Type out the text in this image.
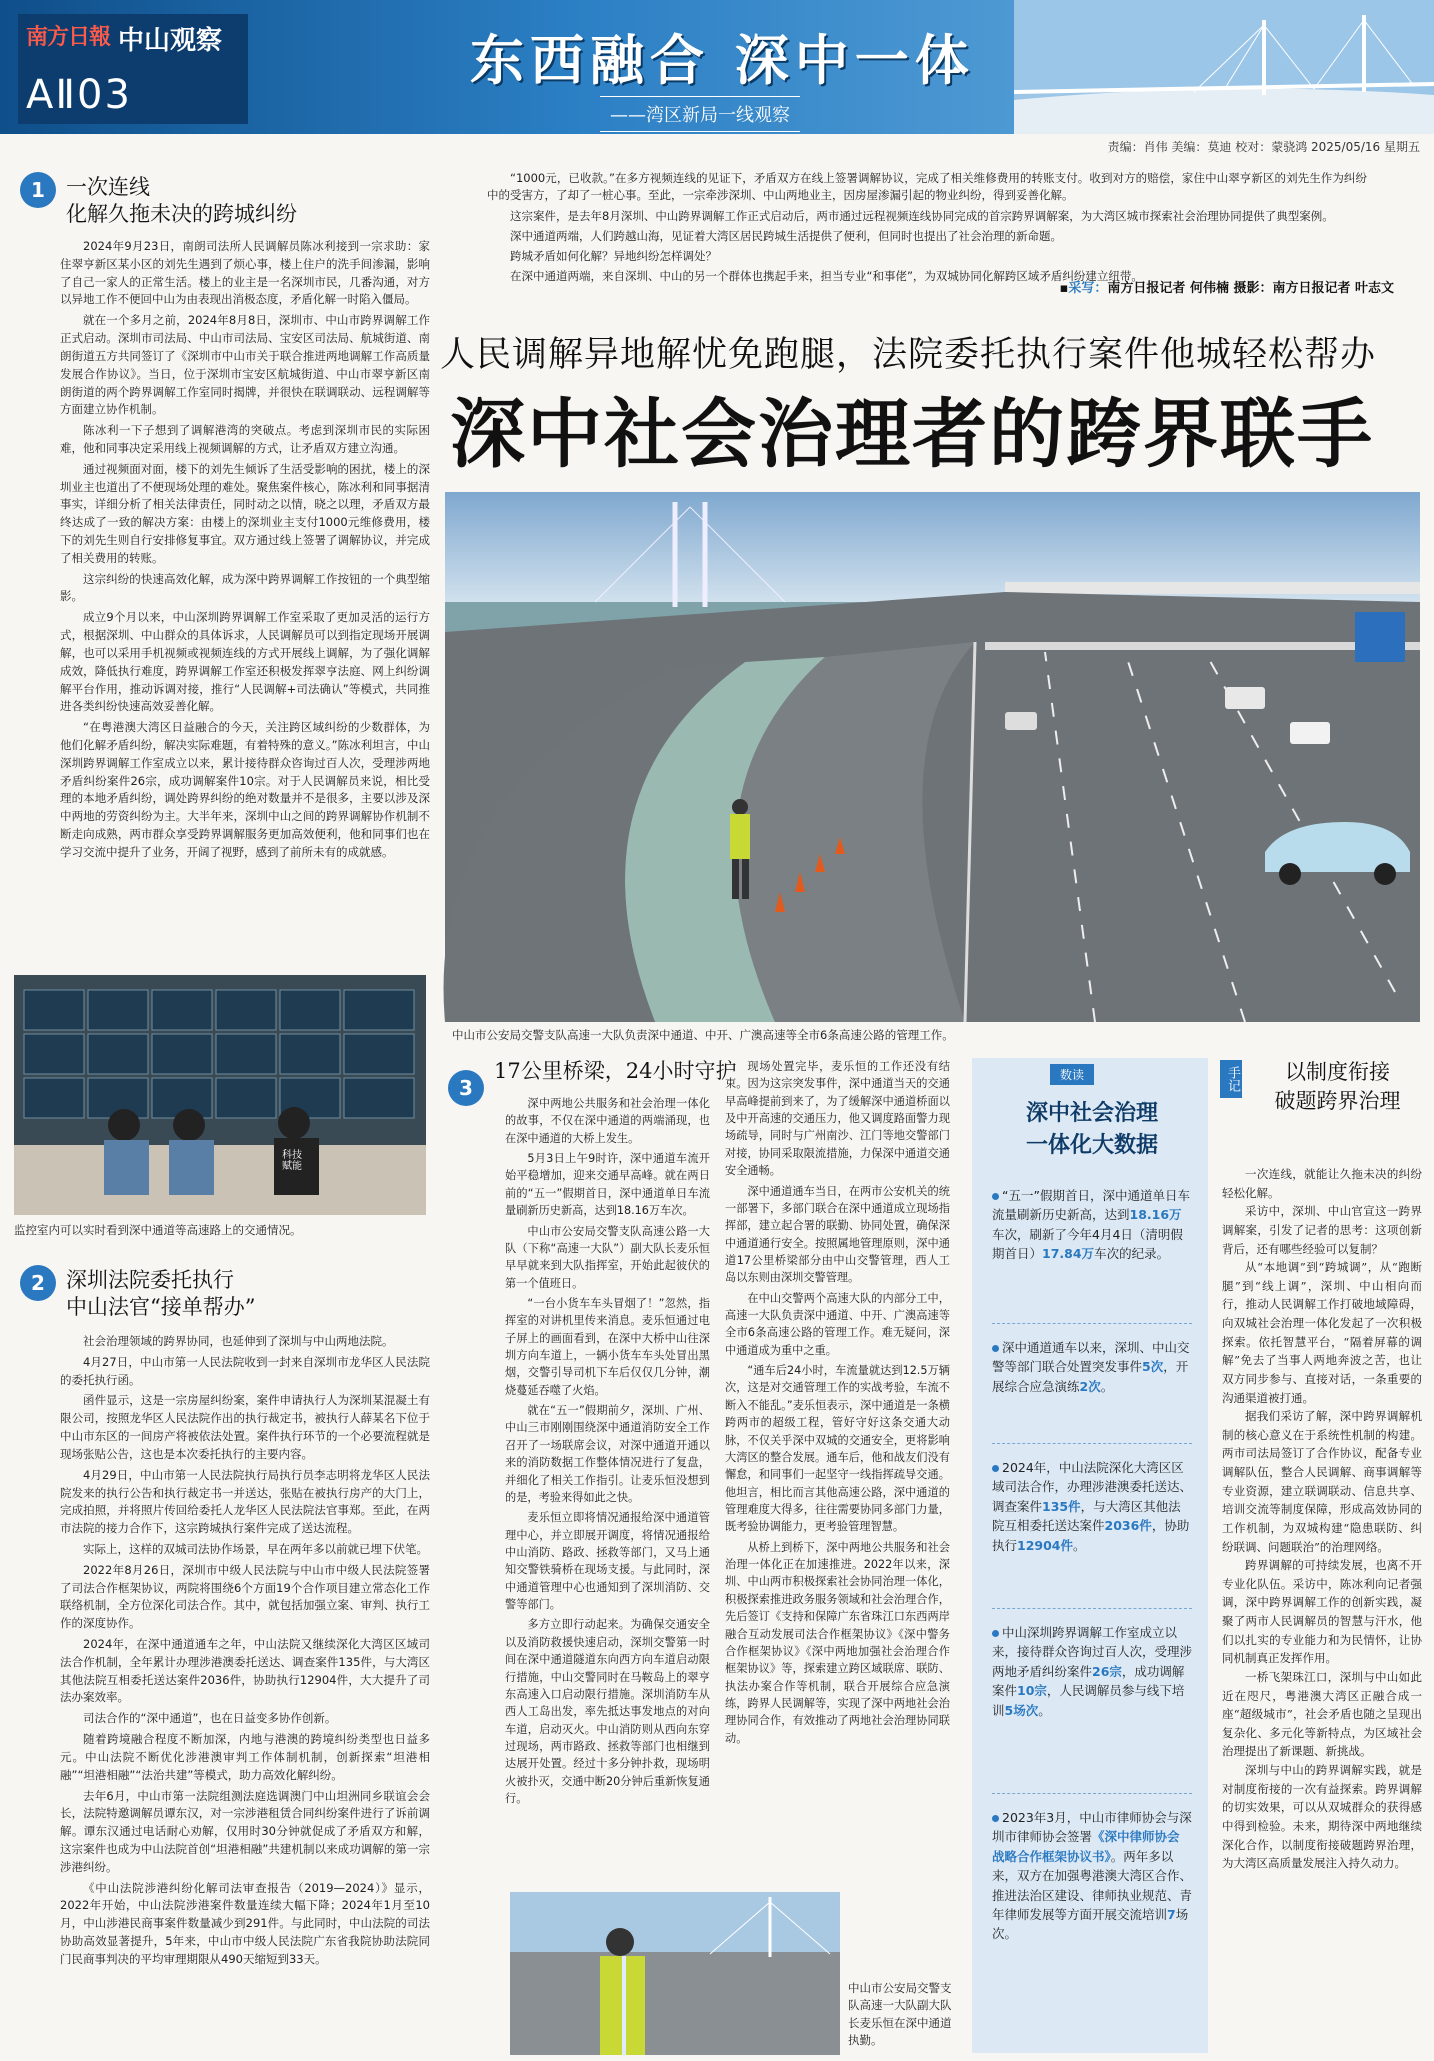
南方日報 中山观察
AⅡ03
东西融合 深中一体
——湾区新局一线观察
责编：肖伟 美编：莫迪 校对：蒙骁鸿 2025/05/16 星期五

“1000元，已收款。”在多方视频连线的见证下，矛盾双方在线上签署调解协议，完成了相关维修费用的转账支付。收到对方的赔偿，家住中山翠亨新区的刘先生作为纠纷中的受害方，了却了一桩心事。至此，一宗牵涉深圳、中山两地业主，因房屋渗漏引起的物业纠纷，得到妥善化解。

这宗案件，是去年8月深圳、中山跨界调解工作正式启动后，两市通过远程视频连线协同完成的首宗跨界调解案，为大湾区城市探索社会治理协同提供了典型案例。

深中通道两端，人们跨越山海，见证着大湾区居民跨城生活提供了便利，但同时也提出了社会治理的新命题。

跨城矛盾如何化解？异地纠纷怎样调处？

在深中通道两端，来自深圳、中山的另一个群体也携起手来，担当专业“和事佬”，为双城协同化解跨区域矛盾纠纷建立纽带。

▪采写：南方日报记者 何伟楠 摄影：南方日报记者 叶志文
人民调解异地解忧免跑腿，法院委托执行案件他城轻松帮办
深中社会治理者的跨界联手
1	一次连线
化解久拖未决的跨城纠纷

2024年9月23日，南朗司法所人民调解员陈冰利接到一宗求助：家住翠亨新区某小区的刘先生遇到了烦心事，楼上住户的洗手间渗漏，影响了自己一家人的正常生活。楼上的业主是一名深圳市民，几番沟通，对方以异地工作不便回中山为由表现出消极态度，矛盾化解一时陷入僵局。

就在一个多月之前，2024年8月8日，深圳市、中山市跨界调解工作正式启动。深圳市司法局、中山市司法局、宝安区司法局、航城街道、南朗街道五方共同签订了《深圳市中山市关于联合推进两地调解工作高质量发展合作协议》。当日，位于深圳市宝安区航城街道、中山市翠亨新区南朗街道的两个跨界调解工作室同时揭牌，并很快在联调联动、远程调解等方面建立协作机制。

陈冰利一下子想到了调解港湾的突破点。考虑到深圳市民的实际困难，他和同事决定采用线上视频调解的方式，让矛盾双方建立沟通。

通过视频面对面，楼下的刘先生倾诉了生活受影响的困扰，楼上的深圳业主也道出了不便现场处理的难处。聚焦案件核心，陈冰利和同事据清事实，详细分析了相关法律责任，同时动之以情，晓之以理，矛盾双方最终达成了一致的解决方案：由楼上的深圳业主支付1000元维修费用，楼下的刘先生则自行安排修复事宜。双方通过线上签署了调解协议，并完成了相关费用的转账。

这宗纠纷的快速高效化解，成为深中跨界调解工作按钮的一个典型缩影。

成立9个月以来，中山深圳跨界调解工作室采取了更加灵活的运行方式，根据深圳、中山群众的具体诉求，人民调解员可以到指定现场开展调解，也可以采用手机视频或视频连线的方式开展线上调解，为了强化调解成效，降低执行难度，跨界调解工作室还积极发挥翠亨法庭、网上纠纷调解平台作用，推动诉调对接，推行“人民调解+司法确认”等模式，共同推进各类纠纷快速高效妥善化解。

“在粤港澳大湾区日益融合的今天，关注跨区域纠纷的少数群体，为他们化解矛盾纠纷，解决实际难题，有着特殊的意义。”陈冰利坦言，中山深圳跨界调解工作室成立以来，累计接待群众咨询过百人次，受理涉两地矛盾纠纷案件26宗，成功调解案件10宗。对于人民调解员来说，相比受理的本地矛盾纠纷，调处跨界纠纷的绝对数量并不是很多，主要以涉及深中两地的劳资纠纷为主。大半年来，深圳中山之间的跨界调解协作机制不断走向成熟，两市群众享受跨界调解服务更加高效便利，他和同事们也在学习交流中提升了业务，开阔了视野，感到了前所未有的成就感。

科技
赋能
监控室内可以实时看到深中通道等高速路上的交通情况。
2	深圳法院委托执行
中山法官“接单帮办”

社会治理领域的跨界协同，也延伸到了深圳与中山两地法院。

4月27日，中山市第一人民法院收到一封来自深圳市龙华区人民法院的委托执行函。

函件显示，这是一宗房屋纠纷案，案件申请执行人为深圳某混凝土有限公司，按照龙华区人民法院作出的执行裁定书，被执行人薛某名下位于中山市东区的一间房产将被依法处置。案件执行环节的一个必要流程就是现场张贴公告，这也是本次委托执行的主要内容。

4月29日，中山市第一人民法院执行局执行员李志明将龙华区人民法院发来的执行公告和执行裁定书一并送达，张贴在被执行房产的大门上，完成拍照，并将照片传回给委托人龙华区人民法院法官事郑。至此，在两市法院的接力合作下，这宗跨城执行案件完成了送达流程。

实际上，这样的双城司法协作场景，早在两年多以前就已埋下伏笔。

2022年8月26日，深圳市中级人民法院与中山市中级人民法院签署了司法合作框架协议，两院将围绕6个方面19个合作项目建立常态化工作联络机制，全方位深化司法合作。其中，就包括加强立案、审判、执行工作的深度协作。

2024年，在深中通道通车之年，中山法院又继续深化大湾区区域司法合作机制，全年累计办理涉港澳委托送达、调查案件135件，与大湾区其他法院互相委托送达案件2036件，协助执行12904件，大大提升了司法办案效率。

司法合作的“深中通道”，也在日益变多协作创新。

随着跨境融合程度不断加深，内地与港澳的跨境纠纷类型也日益多元。中山法院不断优化涉港澳审判工作体制机制，创新探索“坦港相融”“坦港相融”“法治共建”等模式，助力高效化解纠纷。

去年6月，中山市第一法院组测法庭选调澳门中山坦洲同乡联谊会会长，法院特邀调解员谭东汉，对一宗涉港租赁合同纠纷案件进行了诉前调解。谭东汉通过电话耐心劝解，仅用时30分钟就促成了矛盾双方和解，这宗案件也成为中山法院首创“坦港相融”共建机制以来成功调解的第一宗涉港纠纷。

《中山法院涉港纠纷化解司法审查报告（2019—2024）》显示，2022年开始，中山法院涉港案件数量连续大幅下降；2024年1月至10月，中山涉港民商事案件数量减少到291件。与此同时，中山法院的司法协助高效显著提升，5年来，中山市中级人民法院广东省我院协助法院同门民商事判决的平均审理期限从490天缩短到33天。

中山市公安局交警支队高速一大队负责深中通道、中开、广澳高速等全市6条高速公路的管理工作。
3
17公里桥梁，24小时守护

深中两地公共服务和社会治理一体化的故事，不仅在深中通道的两端涌现，也在深中通道的大桥上发生。

5月3日上午9时许，深中通道车流开始平稳增加，迎来交通早高峰。就在两日前的“五一”假期首日，深中通道单日车流量刷新历史新高，达到18.16万车次。

中山市公安局交警支队高速公路一大队（下称“高速一大队”）副大队长麦乐恒早早就来到大队指挥室，开始此起彼伏的第一个值班日。

“一台小货车车头冒烟了！”忽然，指挥室的对讲机里传来消息。麦乐恒通过电子屏上的画面看到，在深中大桥中山往深圳方向车道上，一辆小货车车头处冒出黑烟，交警引导司机下车后仅仅几分钟，潮烧蔓延吞噬了火焰。

就在“五一”假期前夕，深圳、广州、中山三市刚刚围绕深中通道消防安全工作召开了一场联席会议，对深中通道开通以来的消防数据工作整体情况进行了复盘，并细化了相关工作指引。让麦乐恒没想到的是，考验来得如此之快。

麦乐恒立即将情况通报给深中通道管理中心，并立即展开调度，将情况通报给中山消防、路政、拯救等部门，又马上通知交警铁骑桥在现场支援。与此同时，深中通道管理中心也通知到了深圳消防、交警等部门。

多方立即行动起来。为确保交通安全以及消防救援快速启动，深圳交警第一时间在深中通道隧道东向西方向车道启动限行措施，中山交警同时在马鞍岛上的翠亨东高速入口启动限行措施。深圳消防车从西人工岛出发，率先抵达事发地点的对向车道，启动灭火。中山消防则从西向东穿过现场，两市路政、拯救等部门也相继到达展开处置。经过十多分钟扑救，现场明火被扑灭，交通中断20分钟后重新恢复通行。

现场处置完毕，麦乐恒的工作还没有结束。因为这宗突发事件，深中通道当天的交通早高峰提前到来了，为了缓解深中通道桥面以及中开高速的交通压力，他又调度路面警力现场疏导，同时与广州南沙、江门等地交警部门对接，协同采取限流措施，力保深中通道交通安全通畅。

深中通道通车当日，在两市公安机关的统一部署下，多部门联合在深中通道成立现场指挥部，建立起合署的联勤、协同处置，确保深中通道通行安全。按照属地管理原则，深中通道17公里桥梁部分由中山交警管理，西人工岛以东则由深圳交警管理。

在中山交警两个高速大队的内部分工中，高速一大队负责深中通道、中开、广澳高速等全市6条高速公路的管理工作。难无疑问，深中通道成为重中之重。

“通车后24小时，车流量就达到12.5万辆次，这是对交通管理工作的实战考验，车流不断入不能乱。”麦乐恒表示，深中通道是一条横跨两市的超级工程，管好守好这条交通大动脉，不仅关乎深中双城的交通安全，更将影响大湾区的整合发展。通车后，他和战友们没有懈怠，和同事们一起坚守一线指挥疏导交通。他坦言，相比而言其他高速公路，深中通道的管理难度大得多，往往需要协同多部门力量，既考验协调能力，更考验管理智慧。

从桥上到桥下，深中两地公共服务和社会治理一体化正在加速推进。2022年以来，深圳、中山两市积极探索社会协同治理一体化，积极探索推进政务服务领域和社会治理合作，先后签订《支持和保障广东省珠江口东西两岸融合互动发展司法合作框架协议》《深中警务合作框架协议》《深中两地加强社会治理合作框架协议》等，探索建立跨区域联席、联防、执法办案合作等机制，联合开展综合应急演练，跨界人民调解等，实现了深中两地社会治理协同合作，有效推动了两地社会治理协同联动。

中山市公安局交警支队高速一大队副大队长麦乐恒在深中通道执勤。
数读
深中社会治理
一体化大数据
“五一”假期首日，深中通道单日车流量刷新历史新高，达到18.16万车次，刷新了今年4月4日（清明假期首日）17.84万车次的纪录。
深中通道通车以来，深圳、中山交警等部门联合处置突发事件5次，开展综合应急演练2次。
2024年，中山法院深化大湾区区域司法合作，办理涉港澳委托送达、调查案件135件，与大湾区其他法院互相委托送达案件2036件，协助执行12904件。
中山深圳跨界调解工作室成立以来，接待群众咨询过百人次，受理涉两地矛盾纠纷案件26宗，成功调解案件10宗，人民调解员参与线下培训5场次。
2023年3月，中山市律师协会与深圳市律师协会签署《深中律师协会战略合作框架协议书》。两年多以来，双方在加强粤港澳大湾区合作、推进法治区建设、律师执业规范、青年律师发展等方面开展交流培训7场次。
手记	以制度衔接
破题跨界治理

一次连线，就能让久拖未决的纠纷轻松化解。

采访中，深圳、中山官宣这一跨界调解案，引发了记者的思考：这项创新背后，还有哪些经验可以复制？

从“本地调”到“跨城调”，从“跑断腿”到“线上调”，深圳、中山相向而行，推动人民调解工作打破地域障碍，向双城社会治理一体化发起了一次积极探索。依托智慧平台，“隔着屏幕的调解”免去了当事人两地奔波之苦，也让双方同步参与、直接对话，一条重要的沟通渠道被打通。

据我们采访了解，深中跨界调解机制的核心意义在于系统性机制的构建。两市司法局签订了合作协议，配备专业调解队伍，整合人民调解、商事调解等专业资源，建立联调联动、信息共享、培训交流等制度保障，形成高效协同的工作机制，为双城构建“隐患联防、纠纷联调、问题联治”的治理网络。

跨界调解的可持续发展，也离不开专业化队伍。采访中，陈冰利向记者强调，深中跨界调解工作的创新实践，凝聚了两市人民调解员的智慧与汗水，他们以扎实的专业能力和为民情怀，让协同机制真正发挥作用。

一桥飞架珠江口，深圳与中山如此近在咫尺，粤港澳大湾区正融合成一座“超级城市”，社会矛盾也随之呈现出复杂化、多元化等新特点，为区域社会治理提出了新课题、新挑战。

深圳与中山的跨界调解实践，就是对制度衔接的一次有益探索。跨界调解的切实效果，可以从双城群众的获得感中得到检验。未来，期待深中两地继续深化合作，以制度衔接破题跨界治理，为大湾区高质量发展注入持久动力。
